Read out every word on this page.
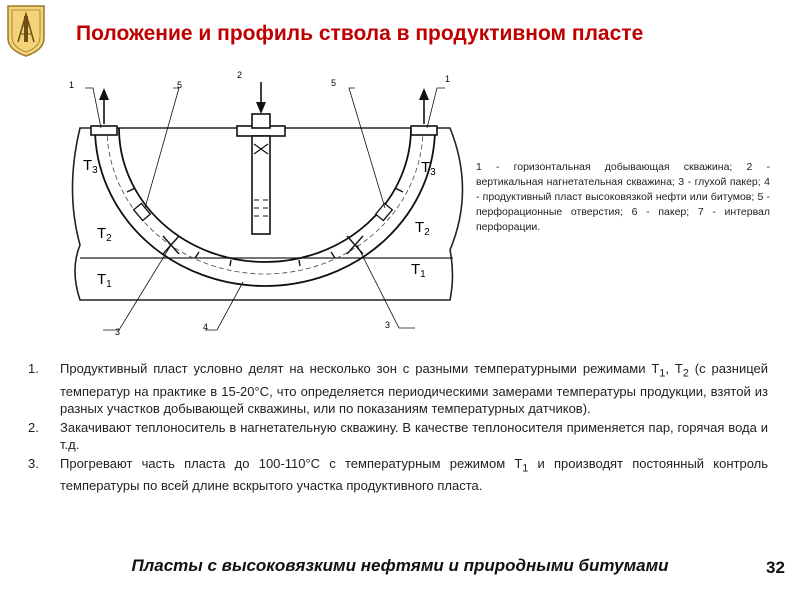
Положение и профиль ствола в продуктивном пласте
1
1
2
5	5
3
3
4
$T_3$	$T_3$
$T_2$
$T_2$
$T_1$
$T_1$
1 - горизонтальная добывающая скважина; 2 - вертикальная нагнетательная скважина; 3 - глухой пакер; 4 - продуктивный пласт высоковязкой нефти или битумов; 5 - перфорационные отверстия; 6 - пакер; 7 - интервал перфорации.
1. Продуктивный пласт условно делят на несколько зон с разными температурными режимами $Т_1$, $Т_2$ (с разницей температур на практике в 15-20°С, что определяется периодическими замерами температуры продукции, взятой из разных участков добывающей скважины, или по показаниям температурных датчиков).
2. Закачивают теплоноситель в нагнетательную скважину. В качестве теплоносителя применяется пар, горячая вода и т.д.
3. Прогревают часть пласта до 100-110°С с температурным режимом $Т_1$ и производят постоянный контроль температуры по всей длине вскрытого участка продуктивного пласта.
Пласты с высоковязкими нефтями и природными битумами	32
